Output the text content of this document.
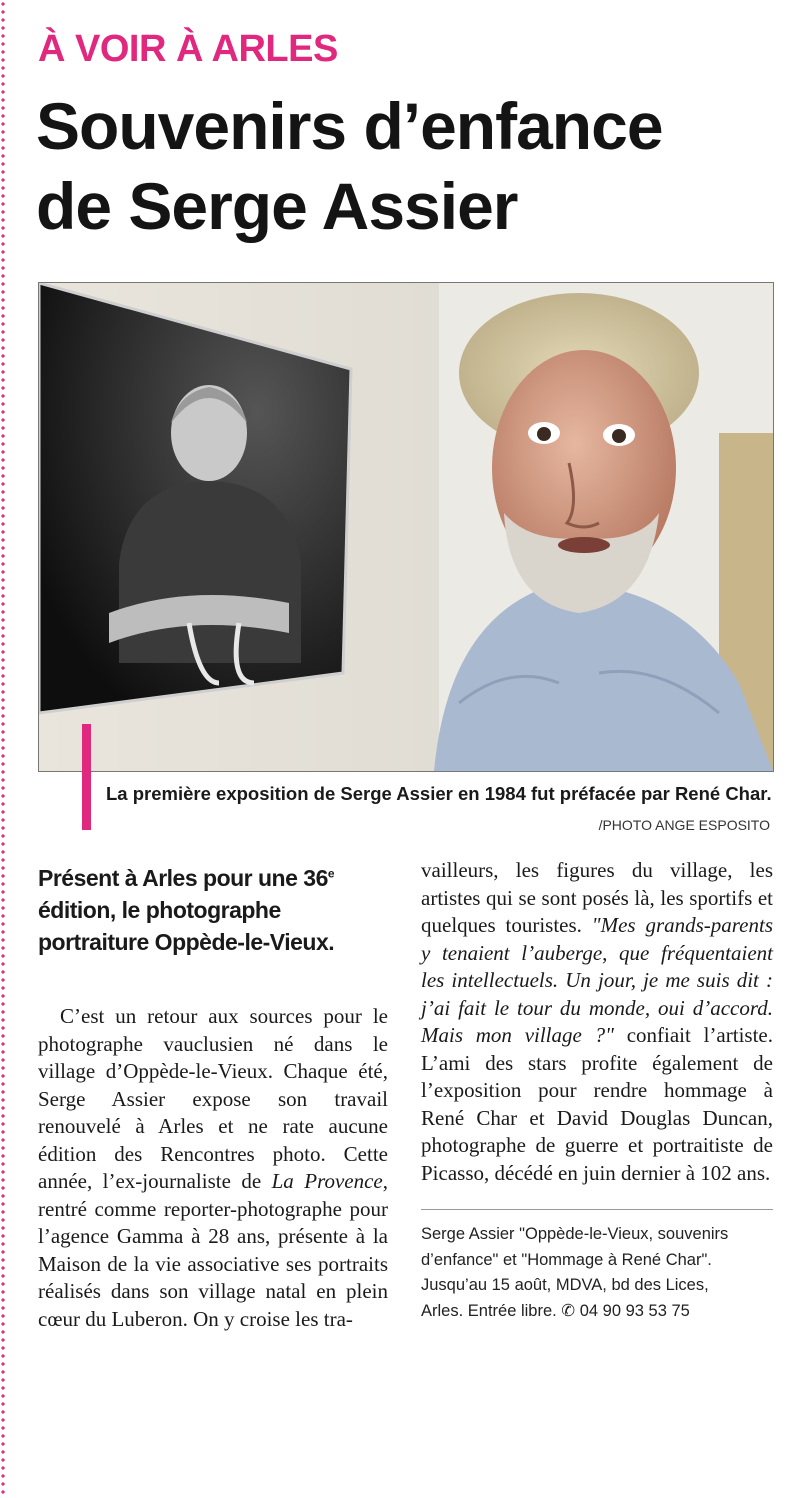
À VOIR À ARLES
Souvenirs d’enfance
de Serge Assier
La première exposition de Serge Assier en 1984 fut préfacée par René Char.
/PHOTO ANGE ESPOSITO
Présent à Arles pour une 36e édition, le photographe portraiture Oppède-le-Vieux.

C’est un retour aux sources pour le photographe vauclusien né dans le village d’Oppède-le-Vieux. Chaque été, Serge Assier expose son travail renouvelé à Arles et ne rate aucune édition des Rencontres photo. Cette année, l’ex-journaliste de La Provence, rentré comme reporter-photographe pour l’agence Gamma à 28 ans, présente à la Maison de la vie associative ses portraits réalisés dans son village natal en plein cœur du Luberon. On y croise les tra-

vailleurs, les figures du village, les artistes qui se sont posés là, les sportifs et quelques touristes. "Mes grands-parents y tenaient l’auberge, que fréquentaient les intellectuels. Un jour, je me suis dit : j’ai fait le tour du monde, oui d’accord. Mais mon village ?" confiait l’artiste. L’ami des stars profite également de l’exposition pour rendre hommage à René Char et David Douglas Duncan, photographe de guerre et portraitiste de Picasso, décédé en juin dernier à 102 ans.

Serge Assier "Oppède-le-Vieux, souvenirs
d’enfance" et "Hommage à René Char".
Jusqu’au 15 août, MDVA, bd des Lices,
Arles. Entrée libre. ✆ 04 90 93 53 75
